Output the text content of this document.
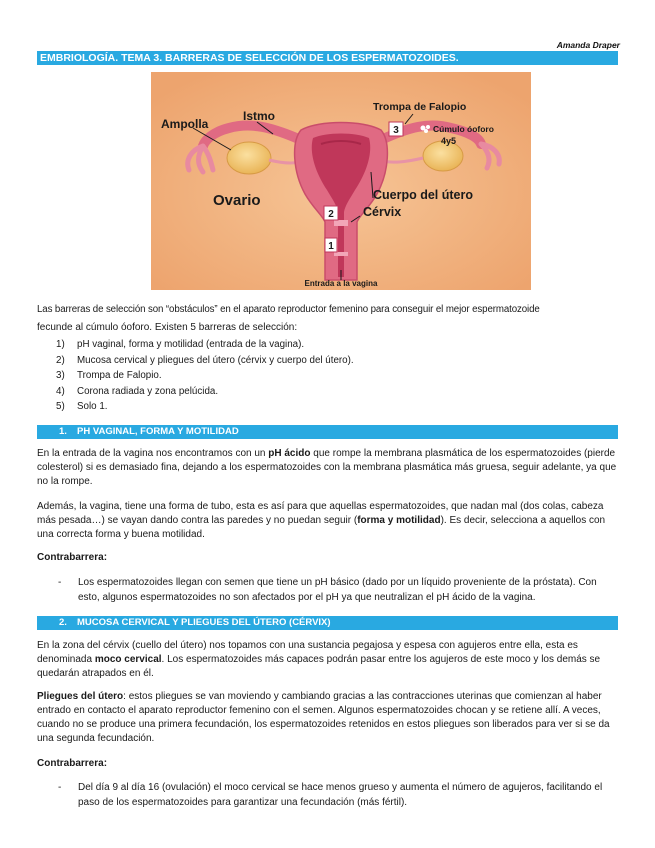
Amanda Draper
EMBRIOLOGÍA. TEMA 3. BARRERAS DE SELECCIÓN DE LOS ESPERMATOZOIDES.
2
1
3
Ampolla
Istmo
Trompa de Falopio
Cúmulo óoforo
4y5
Ovario	Cuerpo del útero
Cérvix
Entrada a la vagina
Las barreras de selección son “obstáculos” en el aparato reproductor femenino para conseguir el mejor espermatozoide
fecunde al cúmulo óoforo. Existen 5 barreras de selección:
1) pH vaginal, forma y motilidad (entrada de la vagina).
2) Mucosa cervical y pliegues del útero (cérvix y cuerpo del útero).
3) Trompa de Falopio.
4) Corona radiada y zona pelúcida.
5) Solo 1.
1. PH VAGINAL, FORMA Y MOTILIDAD
En la entrada de la vagina nos encontramos con un pH ácido que rompe la membrana plasmática de los espermatozoides (pierde colesterol) si es demasiado fina, dejando a los espermatozoides con la membrana plasmática más gruesa, seguir adelante, ya que no la rompe.
Además, la vagina, tiene una forma de tubo, esta es así para que aquellas espermatozoides, que nadan mal (dos colas, cabeza más pesada…) se vayan dando contra las paredes y no puedan seguir (forma y motilidad). Es decir, selecciona a aquellos con una correcta forma y buena motilidad.
Contrabarrera:
- Los espermatozoides llegan con semen que tiene un pH básico (dado por un líquido proveniente de la próstata). Con esto, algunos espermatozoides no son afectados por el pH ya que neutralizan el pH ácido de la vagina.
2. MUCOSA CERVICAL Y PLIEGUES DEL ÚTERO (CÉRVIX)
En la zona del cérvix (cuello del útero) nos topamos con una sustancia pegajosa y espesa con agujeros entre ella, esta es denominada moco cervical. Los espermatozoides más capaces podrán pasar entre los agujeros de este moco y los demás se quedarán atrapados en él.
Pliegues del útero: estos pliegues se van moviendo y cambiando gracias a las contracciones uterinas que comienzan al haber entrado en contacto el aparato reproductor femenino con el semen. Algunos espermatozoides chocan y se retiene allí. A veces, cuando no se produce una primera fecundación, los espermatozoides retenidos en estos pliegues son liberados para ver si se da una segunda fecundación.
Contrabarrera:
- Del día 9 al día 16 (ovulación) el moco cervical se hace menos grueso y aumenta el número de agujeros, facilitando el paso de los espermatozoides para garantizar una fecundación (más fértil).
